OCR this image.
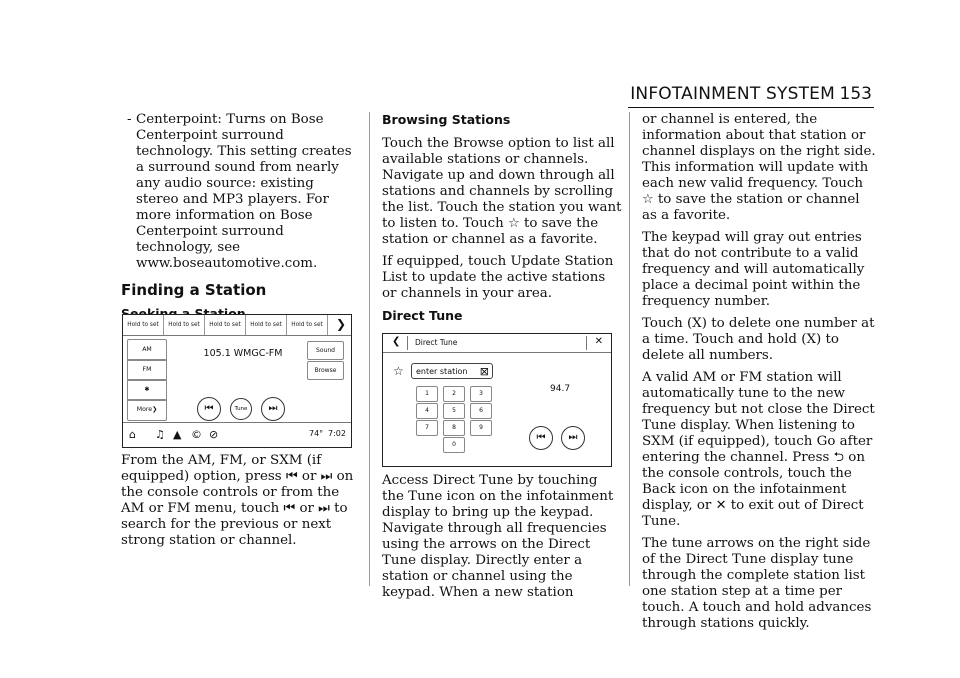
INFOTAINMENT SYSTEM 153

- Centerpoint: Turns on Bose Centerpoint surround technology. This setting creates a surround sound from nearly any audio source: existing stereo and MP3 players. For more information on Bose Centerpoint surround technology, see www.boseautomotive.com.

Finding a Station
Hold to set	Hold to set	Hold to set	Hold to set	Hold to set	❯
AM
FM
✱
More❯
105.1 WMGC-FM	Sound
Browse
⏮	Tune	⏭
⌂ ♫ ▲ © ⊘	74° 7:02

From the AM, FM, or SXM (if equipped) option, press ⏮ or ⏭ on the console controls or from the AM or FM menu, touch ⏮ or ⏭ to search for the previous or next strong station or channel.

Browsing Stations

Touch the Browse option to list all available stations or channels. Navigate up and down through all stations and channels by scrolling the list. Touch the station you want to listen to. Touch ☆ to save the station or channel as a favorite.

If equipped, touch Update Station List to update the active stations or channels in your area.

Direct Tune
❮ Direct Tune	✕
☆	enter station ⊠
1	2	3
4	5	6
7	8	9
0
94.7
⏮	⏭

Access Direct Tune by touching the Tune icon on the infotainment display to bring up the keypad. Navigate through all frequencies using the arrows on the Direct Tune display. Directly enter a station or channel using the keypad. When a new station

or channel is entered, the information about that station or channel displays on the right side. This information will update with each new valid frequency. Touch ☆ to save the station or channel as a favorite.

The keypad will gray out entries that do not contribute to a valid frequency and will automatically place a decimal point within the frequency number.

Touch (X) to delete one number at a time. Touch and hold (X) to delete all numbers.

A valid AM or FM station will automatically tune to the new frequency but not close the Direct Tune display. When listening to SXM (if equipped), touch Go after entering the channel. Press ⮌ on the console controls, touch the Back icon on the infotainment display, or ✕ to exit out of Direct Tune.

The tune arrows on the right side of the Direct Tune display tune through the complete station list one station step at a time per touch. A touch and hold advances through stations quickly.
